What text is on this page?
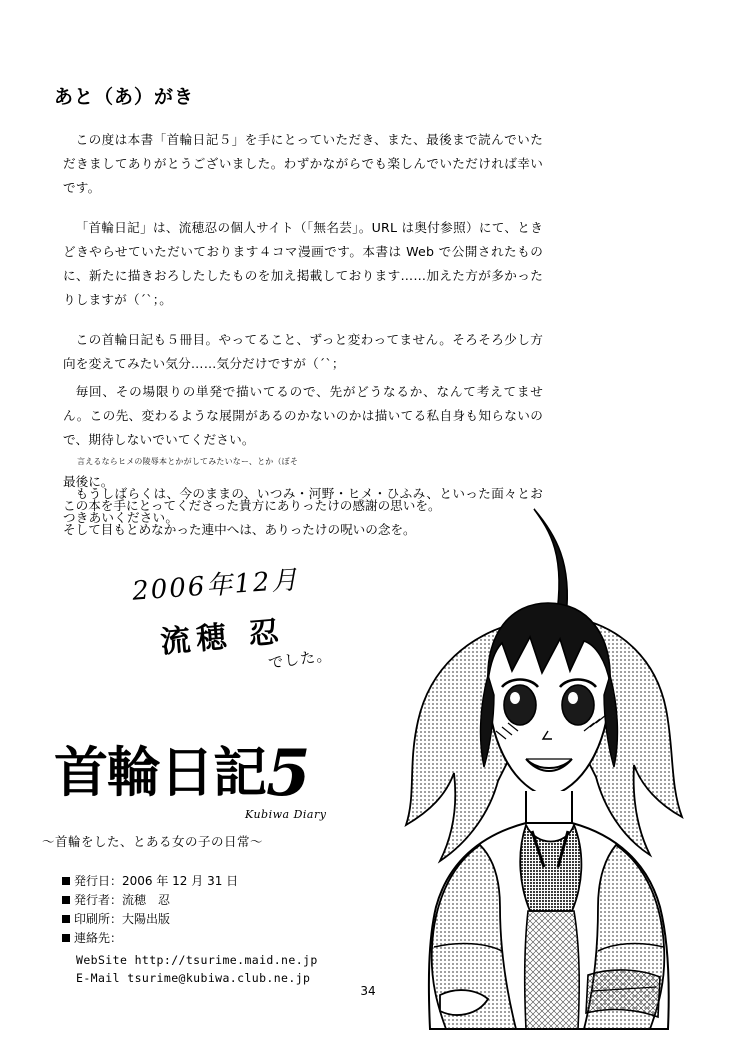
あと（あ）がき

この度は本書「首輪日記５」を手にとっていただき、また、最後まで読んでいただきましてありがとうございました。わずかながらでも楽しんでいただければ幸いです。

「首輪日記」は、流穂忍の個人サイト（「無名芸」。URL は奥付参照）にて、ときどきやらせていただいております４コマ漫画です。本書は Web で公開されたものに、新たに描きおろしたしたものを加え掲載しております……加えた方が多かったりしますが（´`；。

この首輪日記も５冊目。やってること、ずっと変わってません。そろそろ少し方向を変えてみたい気分……気分だけですが（´`；

毎回、その場限りの単発で描いてるので、先がどうなるか、なんて考えてません。この先、変わるような展開があるのかないのかは描いてる私自身も知らないので、期待しないでいてください。

言えるならヒメの陵辱本とかがしてみたいなー、とか（ぼそ

もうしばらくは、今のままの、いつみ・河野・ヒメ・ひふみ、といった面々とおつきあいください。

最後に。

この本を手にとってくださった貴方にありったけの感謝の思いを。

そして目もとめなかった連中へは、ありったけの呪いの念を。

2006年12月
流穂 忍
でした。
首輪日記5
Kubiwa Diary
〜首輪をした、とある女の子の日常〜
発行日：2006 年 12 月 31 日
発行者：流穂　忍
印刷所：大陽出版
連絡先：
WebSite http://tsurime.maid.ne.jp
E-Mail tsurime@kubiwa.club.ne.jp
34
